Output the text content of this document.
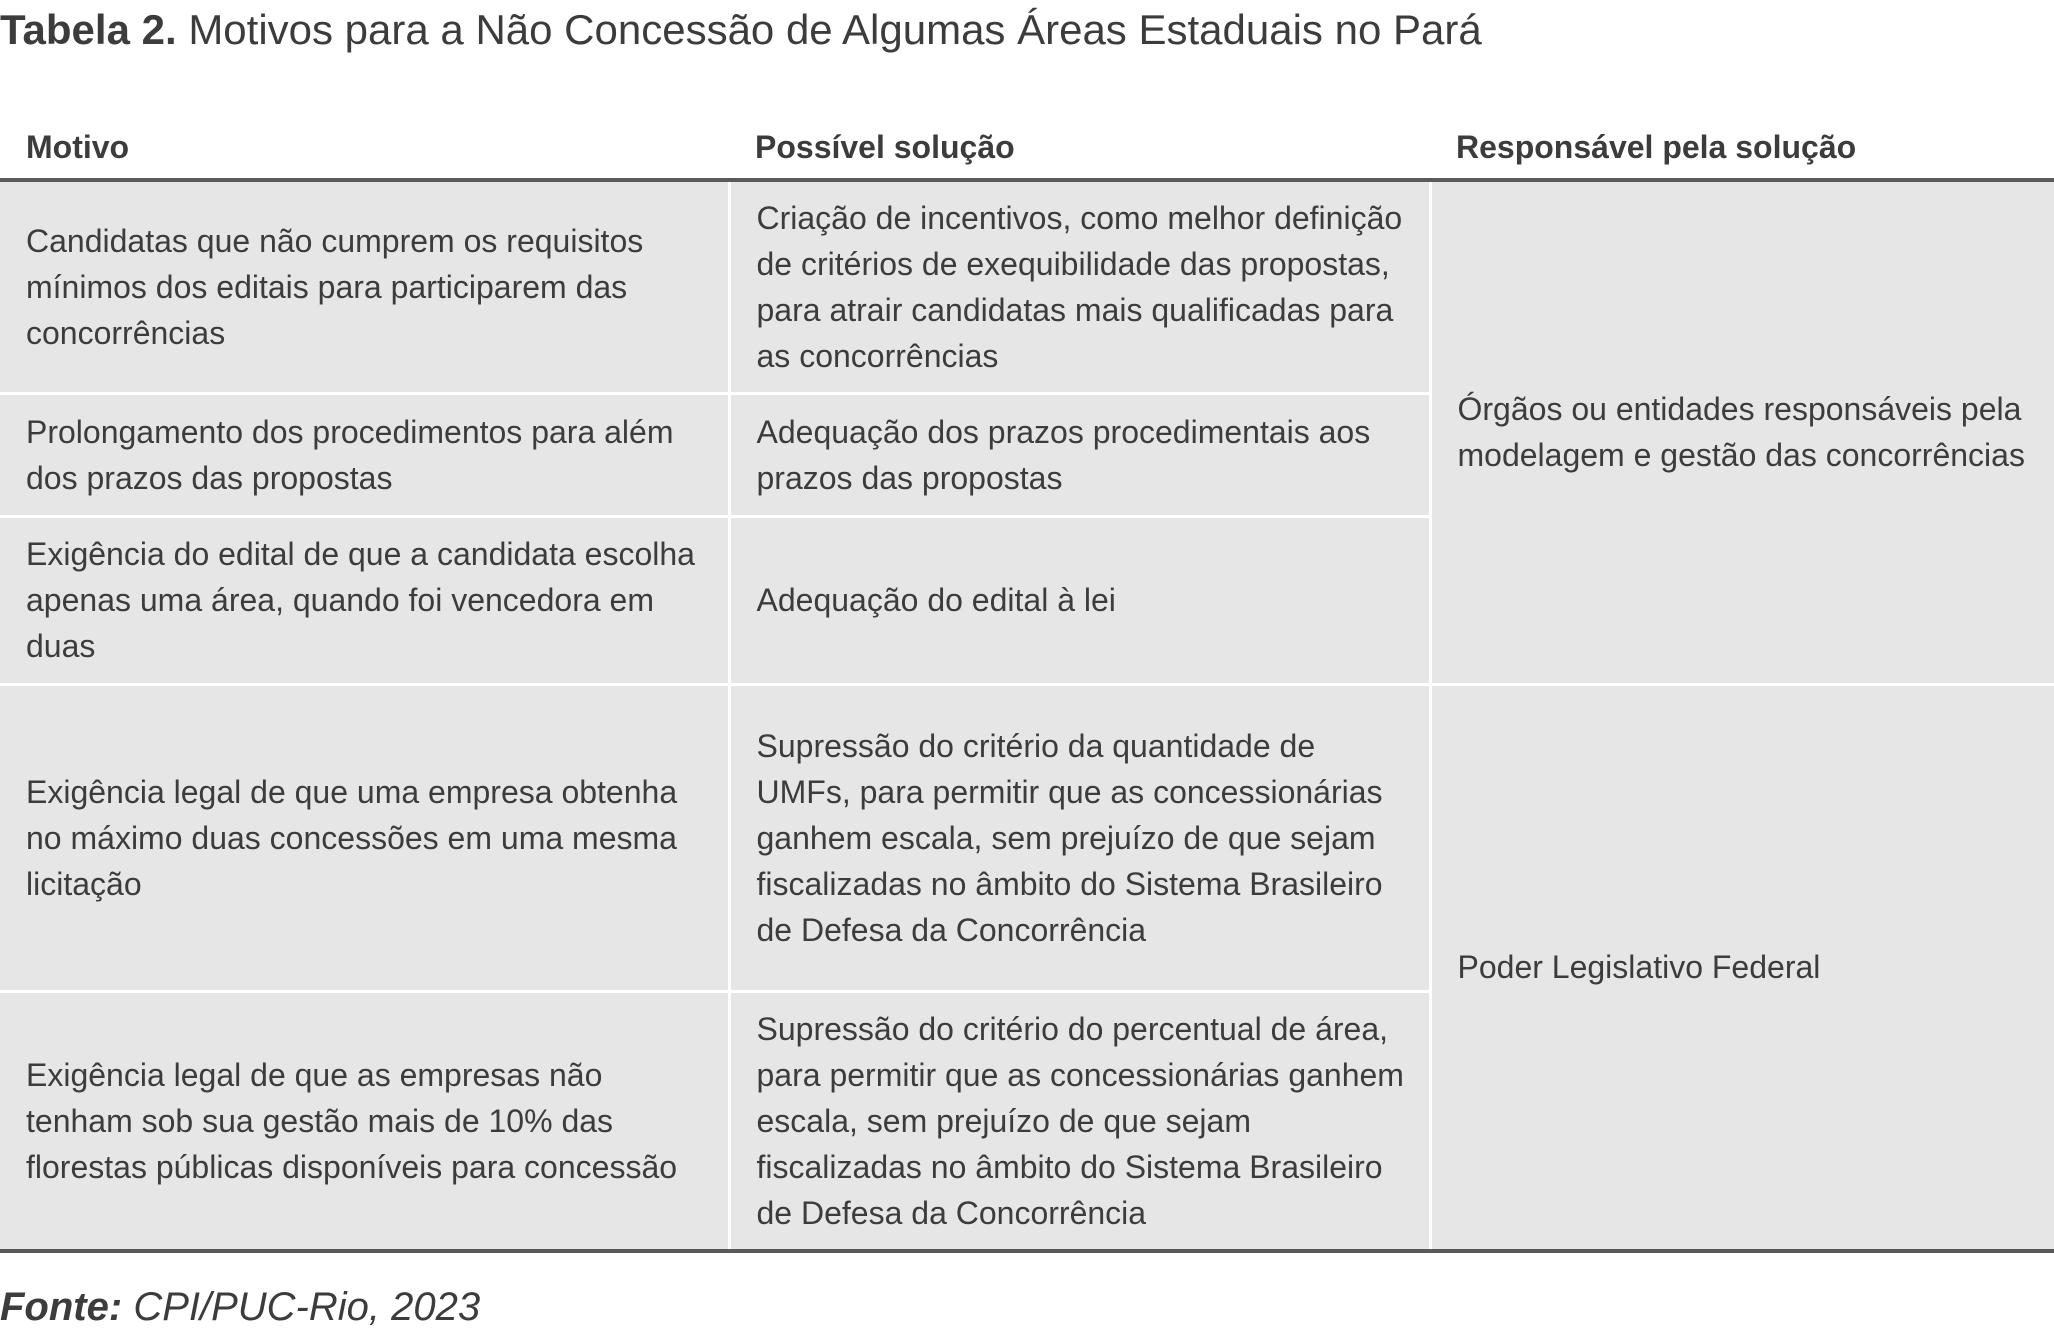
Tabela 2. Motivos para a Não Concessão de Algumas Áreas Estaduais no Pará
Motivo	Possível solução	Responsável pela solução
Candidatas que não cumprem os requisitos mínimos dos editais para participarem das concorrências	Criação de incentivos, como melhor definição de critérios de exequibilidade das propostas, para atrair candidatas mais qualificadas para as concorrências	Órgãos ou entidades responsáveis pela modelagem e gestão das concorrências
Prolongamento dos procedimentos para além dos prazos das propostas	Adequação dos prazos procedimentais aos prazos das propostas	
Exigência do edital de que a candidata escolha apenas uma área, quando foi vencedora em duas	Adequação do edital à lei	
Exigência legal de que uma empresa obtenha no máximo duas concessões em uma mesma licitação	Supressão do critério da quantidade de UMFs, para permitir que as concessionárias ganhem escala, sem prejuízo de que sejam fiscalizadas no âmbito do Sistema Brasileiro de Defesa da Concorrência	Poder Legislativo Federal
Exigência legal de que as empresas não tenham sob sua gestão mais de 10% das florestas públicas disponíveis para concessão	Supressão do critério do percentual de área, para permitir que as concessionárias ganhem escala, sem prejuízo de que sejam fiscalizadas no âmbito do Sistema Brasileiro de Defesa da Concorrência	
Fonte: CPI/PUC-Rio, 2023
